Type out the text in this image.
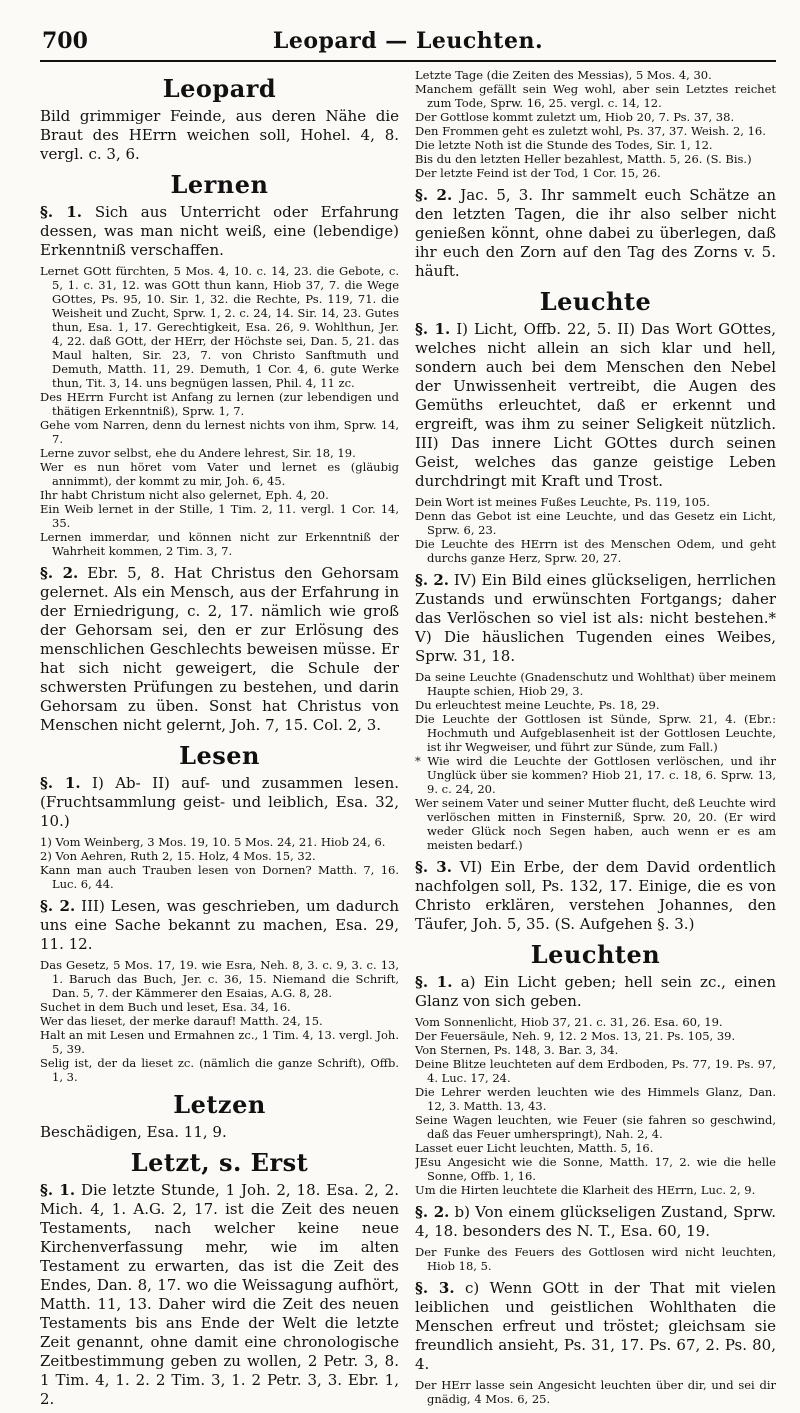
700	Leopard — Leuchten.
Leopard

Bild grimmiger Feinde, aus deren Nähe die Braut des HErrn weichen soll, Hohel. 4, 8. vergl. c. 3, 6.

Lernen

§. 1. Sich aus Unterricht oder Erfahrung dessen, was man nicht weiß, eine (lebendige) Erkenntniß verschaffen.

Lernet GOtt fürchten, 5 Mos. 4, 10. c. 14, 23. die Gebote, c. 5, 1. c. 31, 12. was GOtt thun kann, Hiob 37, 7. die Wege GOttes, Ps. 95, 10. Sir. 1, 32. die Rechte, Ps. 119, 71. die Weisheit und Zucht, Sprw. 1, 2. c. 24, 14. Sir. 14, 23. Gutes thun, Esa. 1, 17. Gerechtigkeit, Esa. 26, 9. Wohlthun, Jer. 4, 22. daß GOtt, der HErr, der Höchste sei, Dan. 5, 21. das Maul halten, Sir. 23, 7. von Christo Sanftmuth und Demuth, Matth. 11, 29. Demuth, 1 Cor. 4, 6. gute Werke thun, Tit. 3, 14. uns begnügen lassen, Phil. 4, 11 zc.

Des HErrn Furcht ist Anfang zu lernen (zur lebendigen und thätigen Erkenntniß), Sprw. 1, 7.

Gehe vom Narren, denn du lernest nichts von ihm, Sprw. 14, 7.

Lerne zuvor selbst, ehe du Andere lehrest, Sir. 18, 19.

Wer es nun höret vom Vater und lernet es (gläubig annimmt), der kommt zu mir, Joh. 6, 45.

Ihr habt Christum nicht also gelernet, Eph. 4, 20.

Ein Weib lernet in der Stille, 1 Tim. 2, 11. vergl. 1 Cor. 14, 35.

Lernen immerdar, und können nicht zur Erkenntniß der Wahrheit kommen, 2 Tim. 3, 7.

§. 2. Ebr. 5, 8. Hat Christus den Gehorsam gelernet. Als ein Mensch, aus der Erfahrung in der Erniedrigung, c. 2, 17. nämlich wie groß der Gehorsam sei, den er zur Erlösung des menschlichen Geschlechts beweisen müsse. Er hat sich nicht geweigert, die Schule der schwersten Prüfungen zu bestehen, und darin Gehorsam zu üben. Sonst hat Christus von Menschen nicht gelernt, Joh. 7, 15. Col. 2, 3.

Lesen

§. 1. I) Ab- II) auf- und zusammen lesen. (Fruchtsammlung geist- und leiblich, Esa. 32, 10.)

1) Vom Weinberg, 3 Mos. 19, 10. 5 Mos. 24, 21. Hiob 24, 6.

2) Von Aehren, Ruth 2, 15. Holz, 4 Mos. 15, 32.

Kann man auch Trauben lesen von Dornen? Matth. 7, 16. Luc. 6, 44.

§. 2. III) Lesen, was geschrieben, um dadurch uns eine Sache bekannt zu machen, Esa. 29, 11. 12.

Das Gesetz, 5 Mos. 17, 19. wie Esra, Neh. 8, 3. c. 9, 3. c. 13, 1. Baruch das Buch, Jer. c. 36, 15. Niemand die Schrift, Dan. 5, 7. der Kämmerer den Esaias, A.G. 8, 28.

Suchet in dem Buch und leset, Esa. 34, 16.

Wer das lieset, der merke darauf! Matth. 24, 15.

Halt an mit Lesen und Ermahnen zc., 1 Tim. 4, 13. vergl. Joh. 5, 39.

Selig ist, der da lieset zc. (nämlich die ganze Schrift), Offb. 1, 3.

Letzen

Beschädigen, Esa. 11, 9.

Letzt, s. Erst

§. 1. Die letzte Stunde, 1 Joh. 2, 18. Esa. 2, 2. Mich. 4, 1. A.G. 2, 17. ist die Zeit des neuen Testaments, nach welcher keine neue Kirchenverfassung mehr, wie im alten Testament zu erwarten, das ist die Zeit des Endes, Dan. 8, 17. wo die Weissagung aufhört, Matth. 11, 13. Daher wird die Zeit des neuen Testaments bis ans Ende der Welt die letzte Zeit genannt, ohne damit eine chronologische Zeitbestimmung geben zu wollen, 2 Petr. 3, 8. 1 Tim. 4, 1. 2. 2 Tim. 3, 1. 2 Petr. 3, 3. Ebr. 1, 2.

Letzte Tage (die Zeiten des Messias), 5 Mos. 4, 30.

Manchem gefällt sein Weg wohl, aber sein Letztes reichet zum Tode, Sprw. 16, 25. vergl. c. 14, 12.

Der Gottlose kommt zuletzt um, Hiob 20, 7. Ps. 37, 38.

Den Frommen geht es zuletzt wohl, Ps. 37, 37. Weish. 2, 16.

Die letzte Noth ist die Stunde des Todes, Sir. 1, 12.

Bis du den letzten Heller bezahlest, Matth. 5, 26. (S. Bis.)

Der letzte Feind ist der Tod, 1 Cor. 15, 26.

§. 2. Jac. 5, 3. Ihr sammelt euch Schätze an den letzten Tagen, die ihr also selber nicht genießen könnt, ohne dabei zu überlegen, daß ihr euch den Zorn auf den Tag des Zorns v. 5. häuft.

Leuchte

§. 1. I) Licht, Offb. 22, 5. II) Das Wort GOttes, welches nicht allein an sich klar und hell, sondern auch bei dem Menschen den Nebel der Unwissenheit vertreibt, die Augen des Gemüths erleuchtet, daß er erkennt und ergreift, was ihm zu seiner Seligkeit nützlich. III) Das innere Licht GOttes durch seinen Geist, welches das ganze geistige Leben durchdringt mit Kraft und Trost.

Dein Wort ist meines Fußes Leuchte, Ps. 119, 105.

Denn das Gebot ist eine Leuchte, und das Gesetz ein Licht, Sprw. 6, 23.

Die Leuchte des HErrn ist des Menschen Odem, und geht durchs ganze Herz, Sprw. 20, 27.

§. 2. IV) Ein Bild eines glückseligen, herrlichen Zustands und erwünschten Fortgangs; daher das Verlöschen so viel ist als: nicht bestehen.* V) Die häuslichen Tugenden eines Weibes, Sprw. 31, 18.

Da seine Leuchte (Gnadenschutz und Wohlthat) über meinem Haupte schien, Hiob 29, 3.

Du erleuchtest meine Leuchte, Ps. 18, 29.

Die Leuchte der Gottlosen ist Sünde, Sprw. 21, 4. (Ebr.: Hochmuth und Aufgeblasenheit ist der Gottlosen Leuchte, ist ihr Wegweiser, und führt zur Sünde, zum Fall.)

* Wie wird die Leuchte der Gottlosen verlöschen, und ihr Unglück über sie kommen? Hiob 21, 17. c. 18, 6. Sprw. 13, 9. c. 24, 20.

Wer seinem Vater und seiner Mutter flucht, deß Leuchte wird verlöschen mitten in Finsterniß, Sprw. 20, 20. (Er wird weder Glück noch Segen haben, auch wenn er es am meisten bedarf.)

§. 3. VI) Ein Erbe, der dem David ordentlich nachfolgen soll, Ps. 132, 17. Einige, die es von Christo erklären, verstehen Johannes, den Täufer, Joh. 5, 35. (S. Aufgehen §. 3.)

Leuchten

§. 1. a) Ein Licht geben; hell sein zc., einen Glanz von sich geben.

Vom Sonnenlicht, Hiob 37, 21. c. 31, 26. Esa. 60, 19.

Der Feuersäule, Neh. 9, 12. 2 Mos. 13, 21. Ps. 105, 39.

Von Sternen, Ps. 148, 3. Bar. 3, 34.

Deine Blitze leuchteten auf dem Erdboden, Ps. 77, 19. Ps. 97, 4. Luc. 17, 24.

Die Lehrer werden leuchten wie des Himmels Glanz, Dan. 12, 3. Matth. 13, 43.

Seine Wagen leuchten, wie Feuer (sie fahren so geschwind, daß das Feuer umherspringt), Nah. 2, 4.

Lasset euer Licht leuchten, Matth. 5, 16.

JEsu Angesicht wie die Sonne, Matth. 17, 2. wie die helle Sonne, Offb. 1, 16.

Um die Hirten leuchtete die Klarheit des HErrn, Luc. 2, 9.

§. 2. b) Von einem glückseligen Zustand, Sprw. 4, 18. besonders des N. T., Esa. 60, 19.

Der Funke des Feuers des Gottlosen wird nicht leuchten, Hiob 18, 5.

§. 3. c) Wenn GOtt in der That mit vielen leiblichen und geistlichen Wohlthaten die Menschen erfreut und tröstet; gleichsam sie freundlich ansieht, Ps. 31, 17. Ps. 67, 2. Ps. 80, 4.

Der HErr lasse sein Angesicht leuchten über dir, und sei dir gnädig, 4 Mos. 6, 25.
